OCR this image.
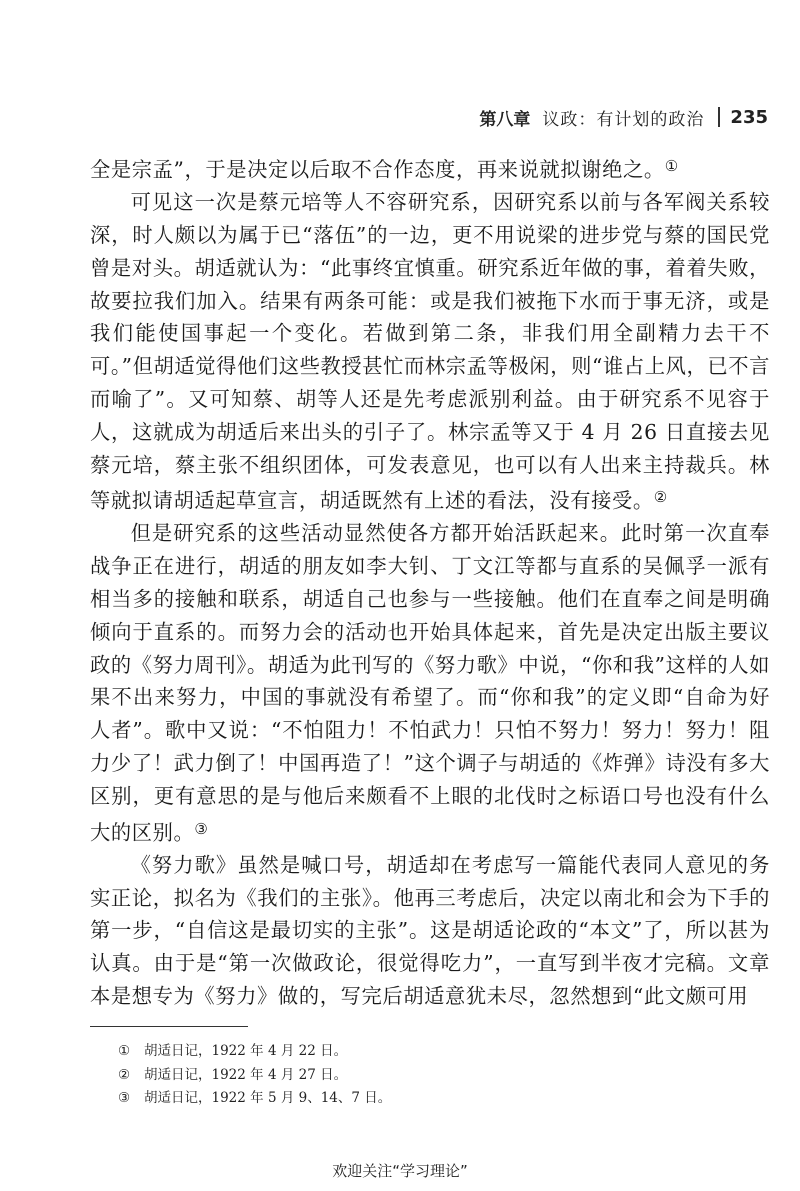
第八章 议政：有计划的政治 235

全是宗孟”，于是决定以后取不合作态度，再来说就拟谢绝之。①

可见这一次是蔡元培等人不容研究系，因研究系以前与各军阀关系较深，时人颇以为属于已“落伍”的一边，更不用说梁的进步党与蔡的国民党曾是对头。胡适就认为：“此事终宜慎重。研究系近年做的事，着着失败，故要拉我们加入。结果有两条可能：或是我们被拖下水而于事无济，或是我们能使国事起一个变化。若做到第二条，非我们用全副精力去干不可。”但胡适觉得他们这些教授甚忙而林宗孟等极闲，则“谁占上风，已不言而喻了”。又可知蔡、胡等人还是先考虑派别利益。由于研究系不见容于人，这就成为胡适后来出头的引子了。林宗孟等又于 4 月 26 日直接去见蔡元培，蔡主张不组织团体，可发表意见，也可以有人出来主持裁兵。林等就拟请胡适起草宣言，胡适既然有上述的看法，没有接受。②

但是研究系的这些活动显然使各方都开始活跃起来。此时第一次直奉战争正在进行，胡适的朋友如李大钊、丁文江等都与直系的吴佩孚一派有相当多的接触和联系，胡适自己也参与一些接触。他们在直奉之间是明确倾向于直系的。而努力会的活动也开始具体起来，首先是决定出版主要议政的《努力周刊》。胡适为此刊写的《努力歌》中说，“你和我”这样的人如果不出来努力，中国的事就没有希望了。而“你和我”的定义即“自命为好人者”。歌中又说：“不怕阻力！不怕武力！只怕不努力！努力！努力！阻力少了！武力倒了！中国再造了！”这个调子与胡适的《炸弹》诗没有多大区别，更有意思的是与他后来颇看不上眼的北伐时之标语口号也没有什么大的区别。③

《努力歌》虽然是喊口号，胡适却在考虑写一篇能代表同人意见的务实正论，拟名为《我们的主张》。他再三考虑后，决定以南北和会为下手的第一步，“自信这是最切实的主张”。这是胡适论政的“本文”了，所以甚为认真。由于是“第一次做政论，很觉得吃力”，一直写到半夜才完稿。文章本是想专为《努力》做的，写完后胡适意犹未尽，忽然想到“此文颇可用

①	胡适日记，1922 年 4 月 22 日。
②	胡适日记，1922 年 4 月 27 日。
③	胡适日记，1922 年 5 月 9、14、7 日。
欢迎关注“学习理论”
